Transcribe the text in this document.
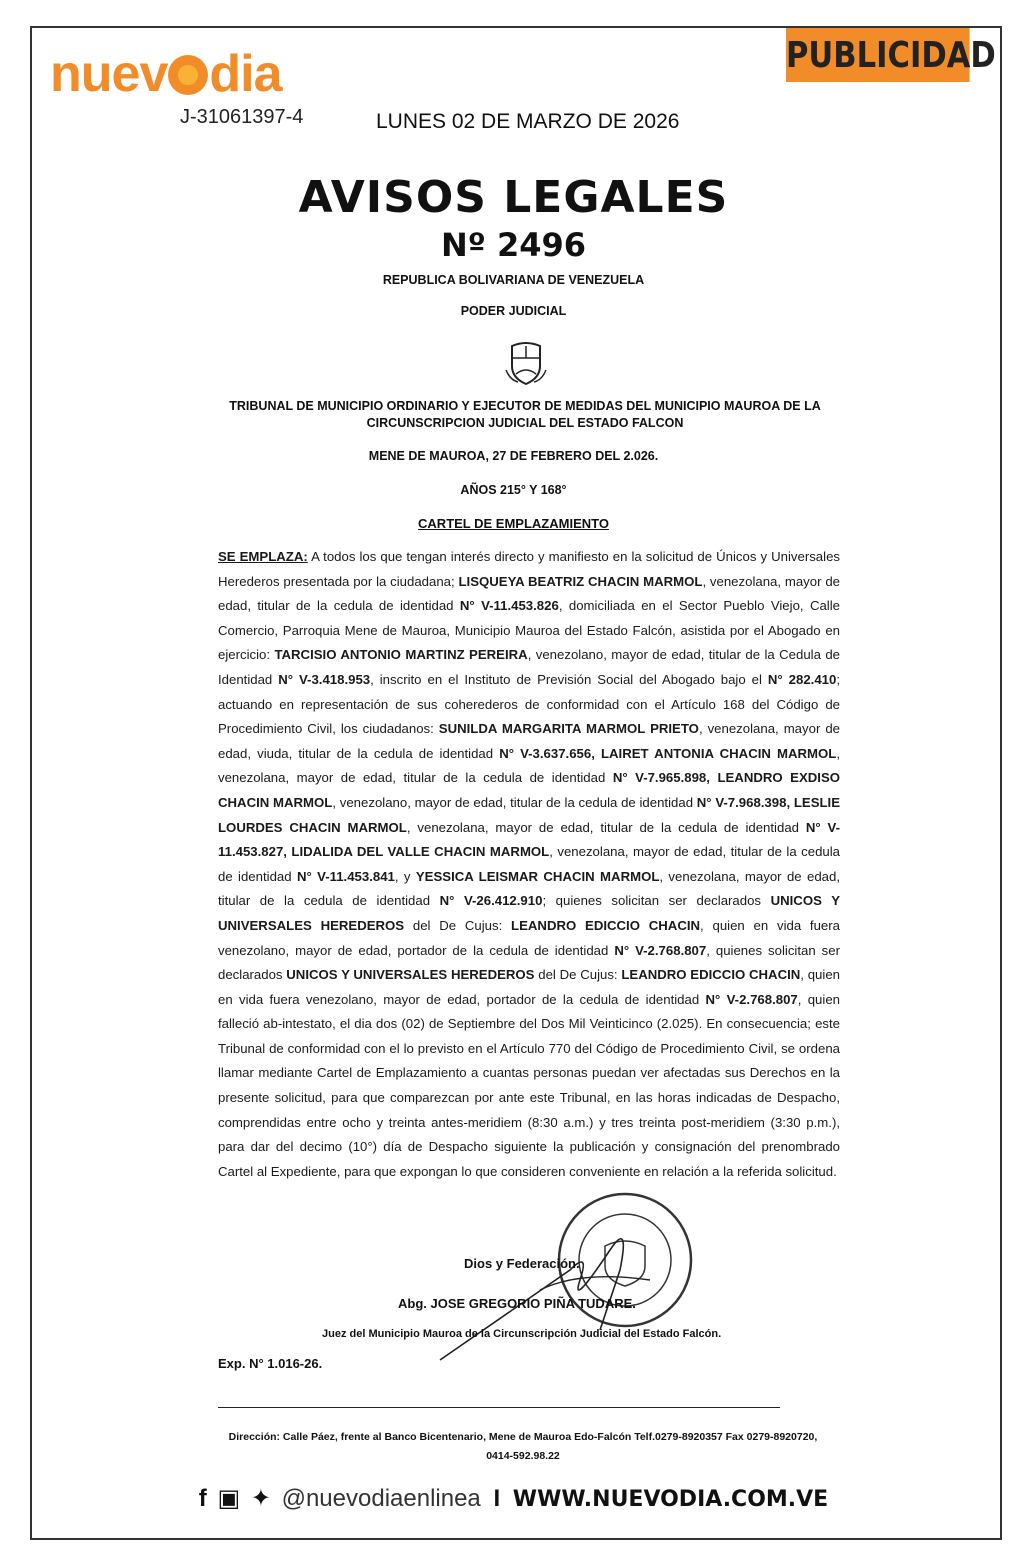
nuev dia
J-31061397-4	LUNES 02 DE MARZO DE 2026
PUBLICIDAD
AVISOS LEGALES
Nº 2496
REPUBLICA BOLIVARIANA DE VENEZUELA
PODER JUDICIAL
TRIBUNAL DE MUNICIPIO ORDINARIO Y EJECUTOR DE MEDIDAS DEL MUNICIPIO MAUROA DE LA CIRCUNSCRIPCION JUDICIAL DEL ESTADO FALCON
MENE DE MAUROA, 27 DE FEBRERO DEL 2.026.
AÑOS 215° Y 168°
CARTEL DE EMPLAZAMIENTO
SE EMPLAZA: A todos los que tengan interés directo y manifiesto en la solicitud de Únicos y Universales Herederos presentada por la ciudadana; LISQUEYA BEATRIZ CHACIN MARMOL, venezolana, mayor de edad, titular de la cedula de identidad N° V-11.453.826, domiciliada en el Sector Pueblo Viejo, Calle Comercio, Parroquia Mene de Mauroa, Municipio Mauroa del Estado Falcón, asistida por el Abogado en ejercicio: TARCISIO ANTONIO MARTINZ PEREIRA, venezolano, mayor de edad, titular de la Cedula de Identidad N° V-3.418.953, inscrito en el Instituto de Previsión Social del Abogado bajo el N° 282.410; actuando en representación de sus coherederos de conformidad con el Artículo 168 del Código de Procedimiento Civil, los ciudadanos: SUNILDA MARGARITA MARMOL PRIETO, venezolana, mayor de edad, viuda, titular de la cedula de identidad N° V-3.637.656, LAIRET ANTONIA CHACIN MARMOL, venezolana, mayor de edad, titular de la cedula de identidad N° V-7.965.898, LEANDRO EXDISO CHACIN MARMOL, venezolano, mayor de edad, titular de la cedula de identidad N° V-7.968.398, LESLIE LOURDES CHACIN MARMOL, venezolana, mayor de edad, titular de la cedula de identidad N° V-11.453.827, LIDALIDA DEL VALLE CHACIN MARMOL, venezolana, mayor de edad, titular de la cedula de identidad N° V-11.453.841, y YESSICA LEISMAR CHACIN MARMOL, venezolana, mayor de edad, titular de la cedula de identidad N° V-26.412.910; quienes solicitan ser declarados UNICOS Y UNIVERSALES HEREDEROS del De Cujus: LEANDRO EDICCIO CHACIN, quien en vida fuera venezolano, mayor de edad, portador de la cedula de identidad N° V-2.768.807, quienes solicitan ser declarados UNICOS Y UNIVERSALES HEREDEROS del De Cujus: LEANDRO EDICCIO CHACIN, quien en vida fuera venezolano, mayor de edad, portador de la cedula de identidad N° V-2.768.807, quien falleció ab-intestato, el dia dos (02) de Septiembre del Dos Mil Veinticinco (2.025). En consecuencia; este Tribunal de conformidad con el lo previsto en el Artículo 770 del Código de Procedimiento Civil, se ordena llamar mediante Cartel de Emplazamiento a cuantas personas puedan ver afectadas sus Derechos en la presente solicitud, para que comparezcan por ante este Tribunal, en las horas indicadas de Despacho, comprendidas entre ocho y treinta antes-meridiem (8:30 a.m.) y tres treinta post-meridiem (3:30 p.m.), para dar del decimo (10°) día de Despacho siguiente la publicación y consignación del prenombrado Cartel al Expediente, para que expongan lo que consideren conveniente en relación a la referida solicitud.
Dios y Federación.
Abg. JOSE GREGORIO PIÑA TUDARE.
Juez del Municipio Mauroa de la Circunscripción Judicial del Estado Falcón.
Exp. N° 1.016-26.
Dirección: Calle Páez, frente al Banco Bicentenario, Mene de Mauroa Edo-Falcón Telf.0279-8920357 Fax 0279-8920720, 0414-592.98.22
f ▣ ✦ @nuevodiaenlinea I WWW.NUEVODIA.COM.VE
